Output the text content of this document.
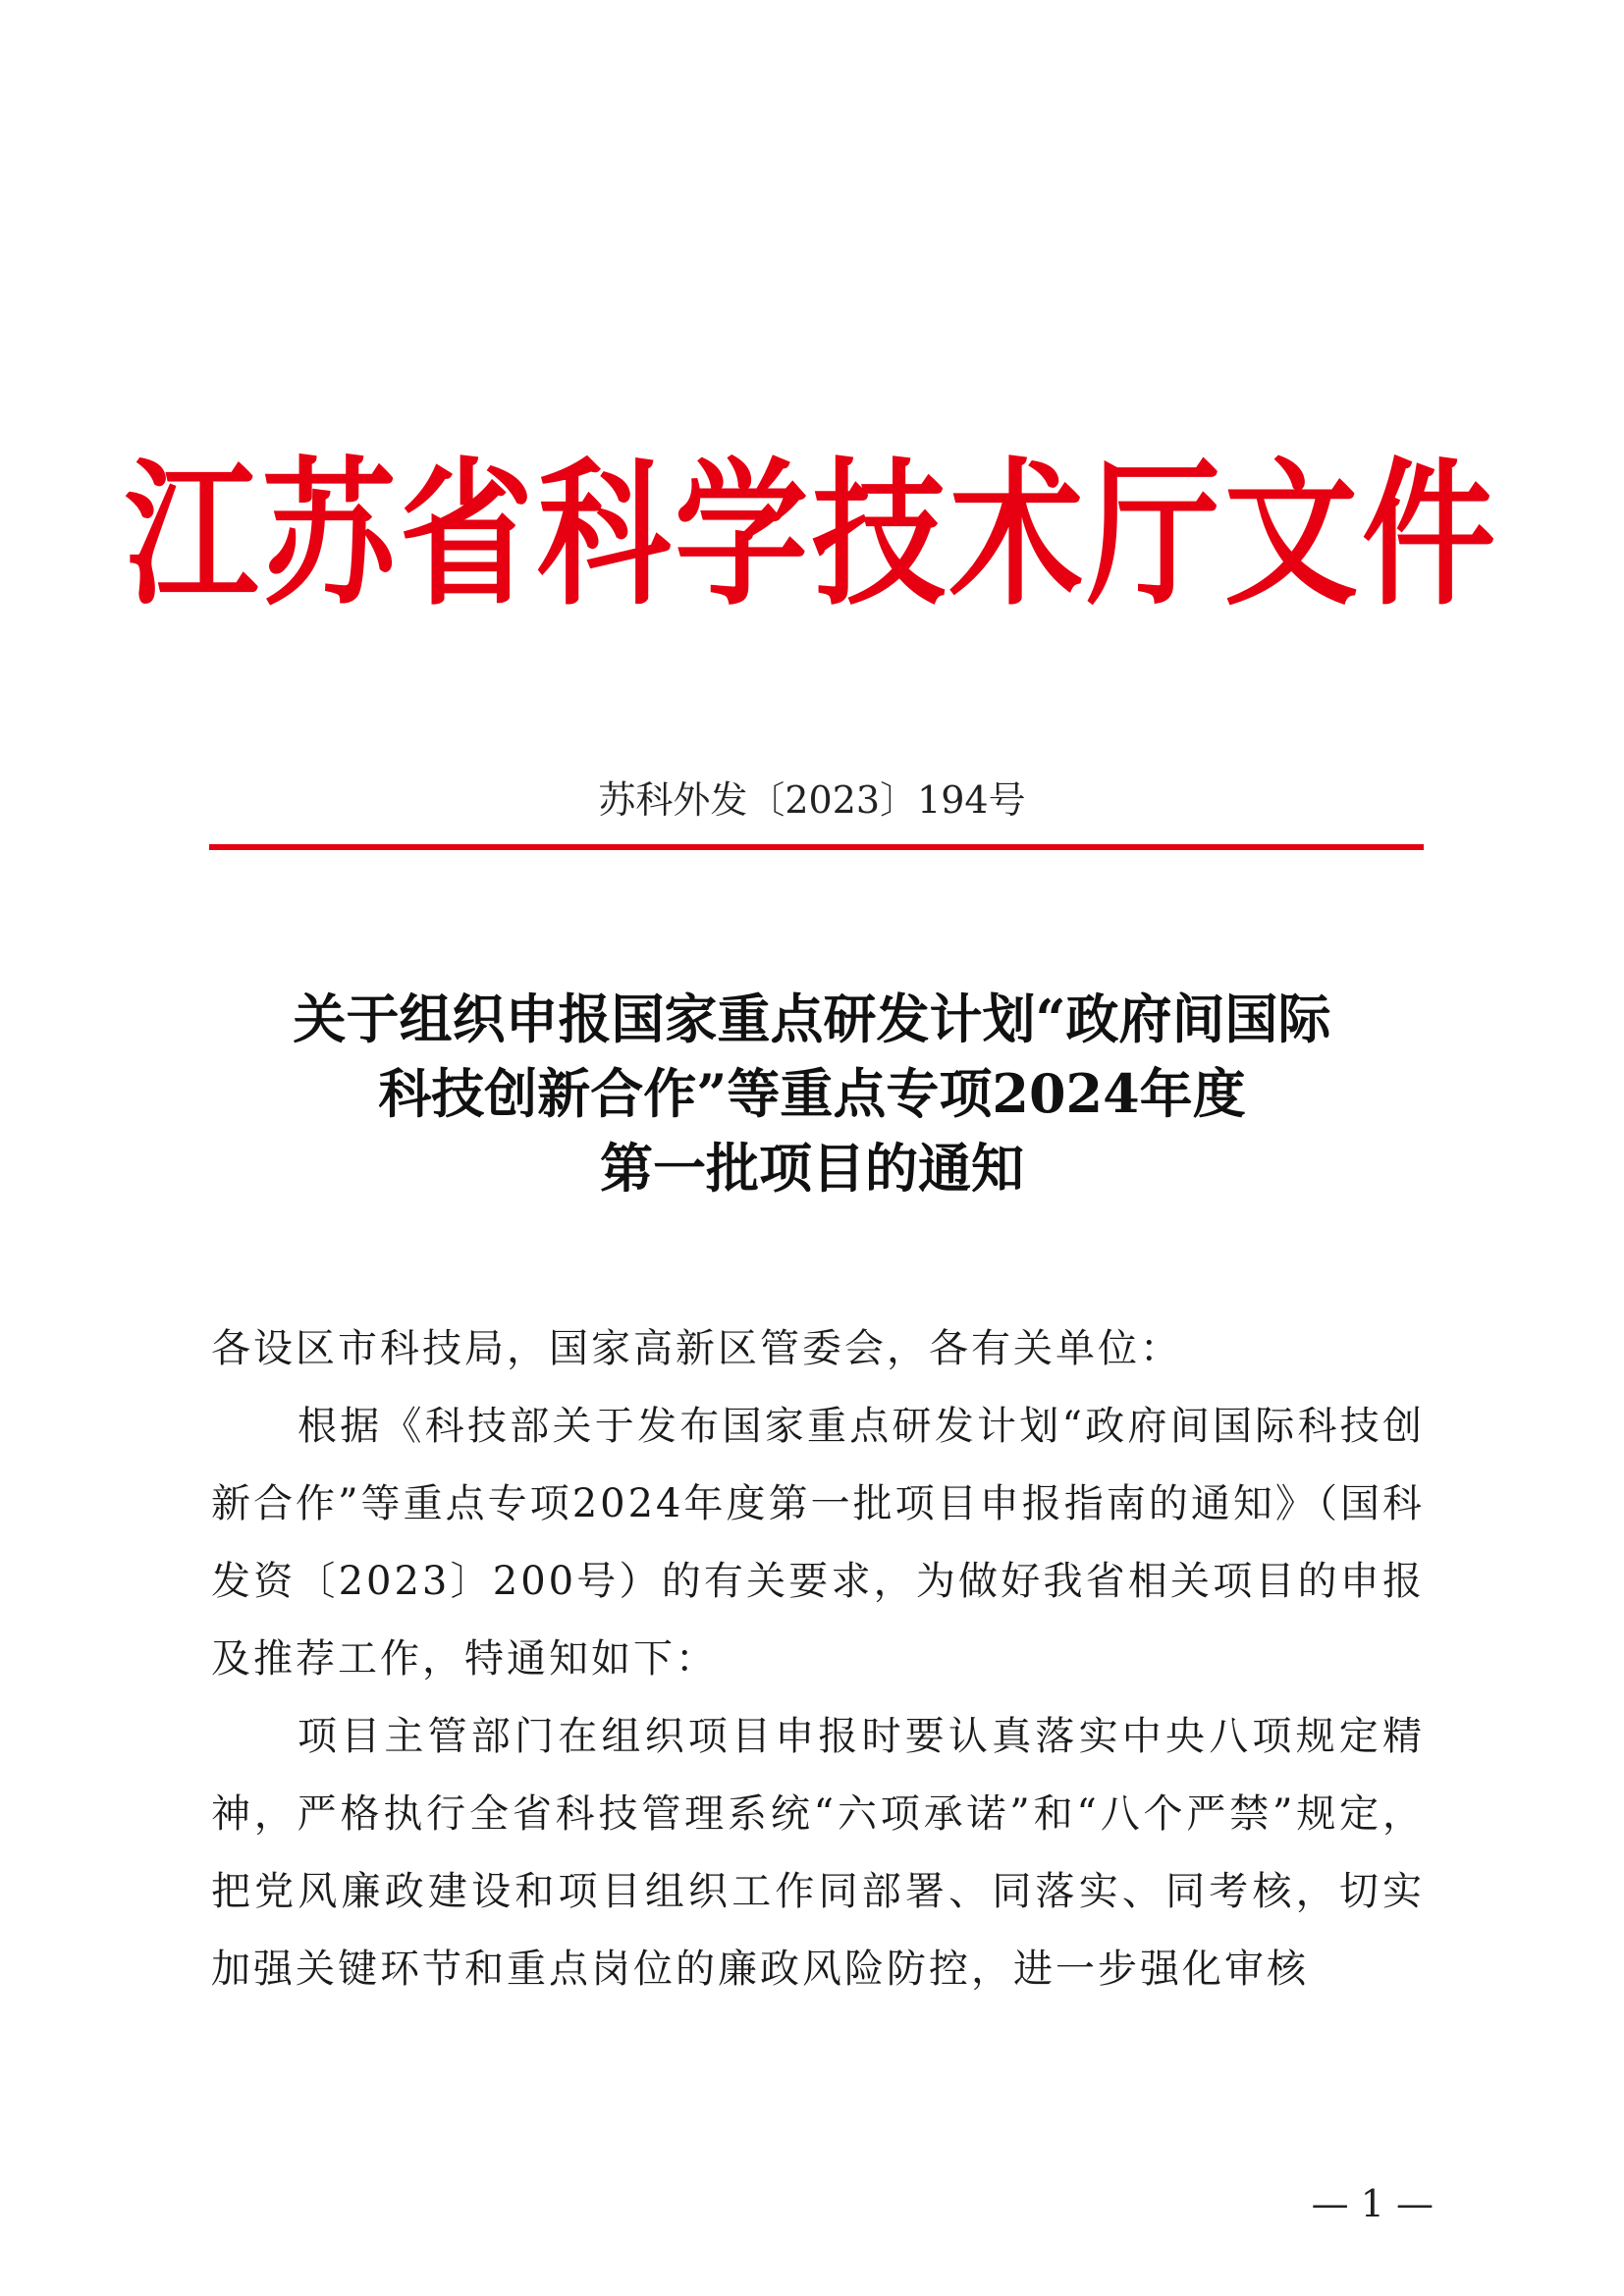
江苏省科学技术厅文件
苏科外发〔2023〕194号
关于组织申报国家重点研发计划“政府间国际
科技创新合作”等重点专项2024年度
第一批项目的通知

各设区市科技局，国家高新区管委会，各有关单位：

根据《科技部关于发布国家重点研发计划“政府间国际科技创新合作”等重点专项2024年度第一批项目申报指南的通知》（国科发资〔2023〕200号）的有关要求，为做好我省相关项目的申报及推荐工作，特通知如下：

项目主管部门在组织项目申报时要认真落实中央八项规定精神，严格执行全省科技管理系统“六项承诺”和“八个严禁”规定，把党风廉政建设和项目组织工作同部署、同落实、同考核，切实加强关键环节和重点岗位的廉政风险防控，进一步强化审核

— 1 —
